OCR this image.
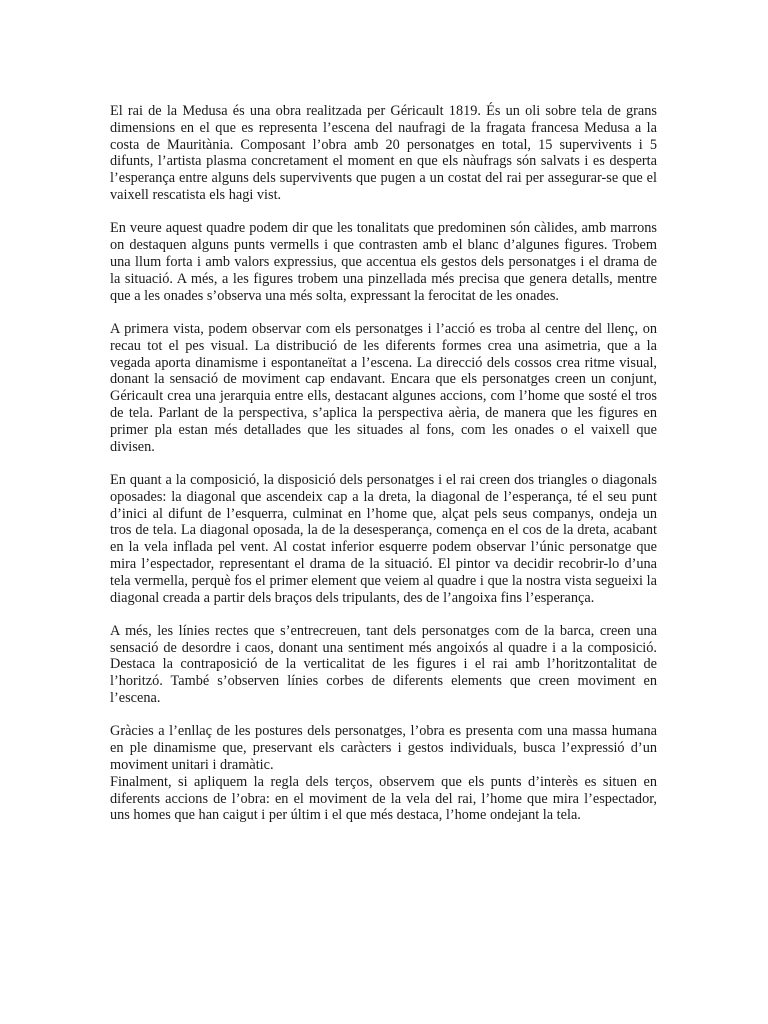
El rai de la Medusa és una obra realitzada per Géricault 1819. És un oli sobre tela de grans dimensions en el que es representa l’escena del naufragi de la fragata francesa Medusa a la costa de Mauritània. Composant l’obra amb 20 personatges en total, 15 supervivents i 5 difunts, l’artista plasma concretament el moment en que els nàufrags són salvats i es desperta l’esperança entre alguns dels supervivents que pugen a un costat del rai per assegurar-se que el vaixell rescatista els hagi vist.

En veure aquest quadre podem dir que les tonalitats que predominen són càlides, amb marrons on destaquen alguns punts vermells i que contrasten amb el blanc d’algunes figures. Trobem una llum forta i amb valors expressius, que accentua els gestos dels personatges i el drama de la situació. A més, a les figures trobem una pinzellada més precisa que genera detalls, mentre que a les onades s’observa una més solta, expressant la ferocitat de les onades.

A primera vista, podem observar com els personatges i l’acció es troba al centre del llenç, on recau tot el pes visual. La distribució de les diferents formes crea una asimetria, que a la vegada aporta dinamisme i espontaneïtat a l’escena. La direcció dels cossos crea ritme visual, donant la sensació de moviment cap endavant. Encara que els personatges creen un conjunt, Géricault crea una jerarquia entre ells, destacant algunes accions, com l’home que sosté el tros de tela. Parlant de la perspectiva, s’aplica la perspectiva aèria, de manera que les figures en primer pla estan més detallades que les situades al fons, com les onades o el vaixell que divisen.

En quant a la composició, la disposició dels personatges i el rai creen dos triangles o diagonals oposades: la diagonal que ascendeix cap a la dreta, la diagonal de l’esperança, té el seu punt d’inici al difunt de l’esquerra, culminat en l’home que, alçat pels seus companys, ondeja un tros de tela. La diagonal oposada, la de la desesperança, comença en el cos de la dreta, acabant en la vela inflada pel vent. Al costat inferior esquerre podem observar l’únic personatge que mira l’espectador, representant el drama de la situació. El pintor va decidir recobrir-lo d’una tela vermella, perquè fos el primer element que veiem al quadre i que la nostra vista segueixi la diagonal creada a partir dels braços dels tripulants, des de l’angoixa fins l’esperança.

A més, les línies rectes que s’entrecreuen, tant dels personatges com de la barca, creen una sensació de desordre i caos, donant una sentiment més angoixós al quadre i a la composició. Destaca la contraposició de la verticalitat de les figures i el rai amb l’horitzontalitat de l’horitzó. També s’observen línies corbes de diferents elements que creen moviment en l’escena.

Gràcies a l’enllaç de les postures dels personatges, l’obra es presenta com una massa humana en ple dinamisme que, preservant els caràcters i gestos individuals, busca l’expressió d’un moviment unitari i dramàtic.

Finalment, si apliquem la regla dels terços, observem que els punts d’interès es situen en diferents accions de l’obra: en el moviment de la vela del rai, l’home que mira l’espectador, uns homes que han caigut i per últim i el que més destaca, l’home ondejant la tela.
